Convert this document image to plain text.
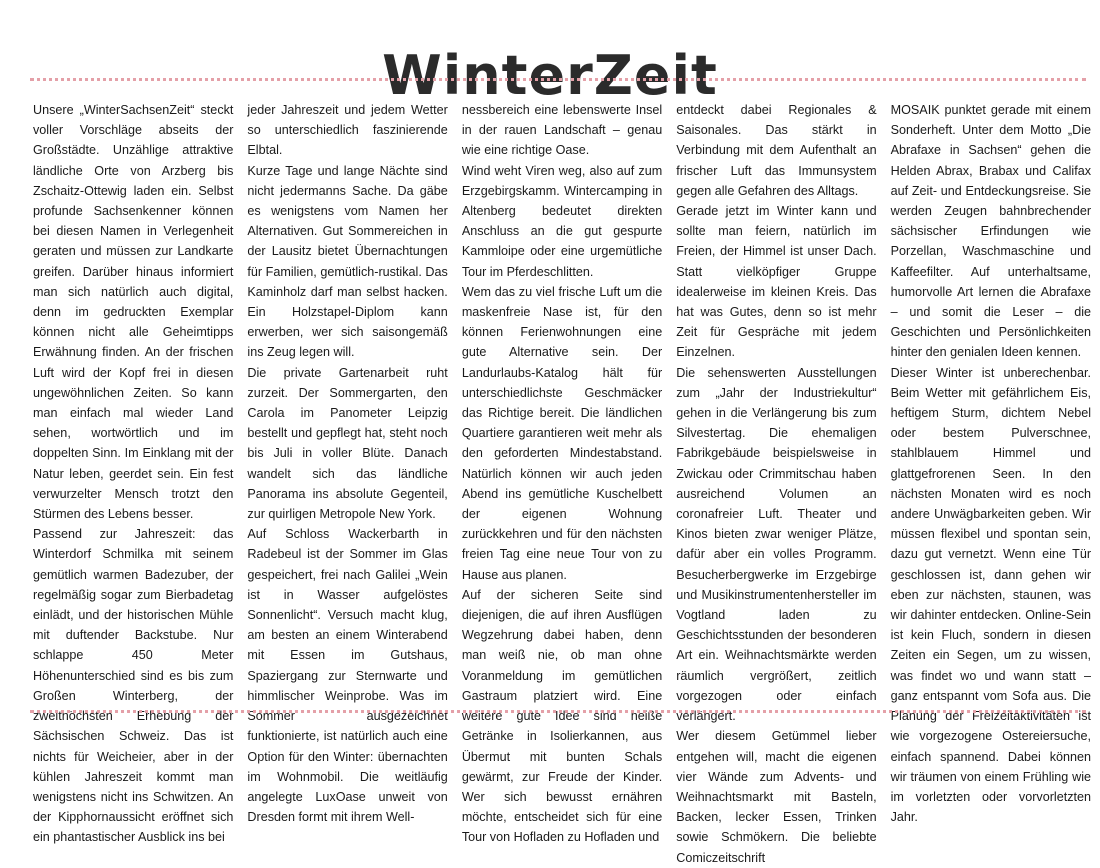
WinterZeit

Unsere „WinterSachsenZeit“ steckt voller Vorschläge abseits der Großstädte. Unzählige attraktive ländliche Orte von Arzberg bis Zschaitz-Ottewig laden ein. Selbst profunde Sachsenkenner können bei diesen Namen in Verlegenheit geraten und müssen zur Landkarte greifen. Darüber hinaus informiert man sich natürlich auch digital, denn im gedruckten Exemplar können nicht alle Geheimtipps Erwähnung finden. An der frischen Luft wird der Kopf frei in diesen ungewöhnlichen Zeiten. So kann man einfach mal wieder Land sehen, wortwörtlich und im doppelten Sinn. Im Einklang mit der Natur leben, geerdet sein. Ein fest verwurzelter Mensch trotzt den Stürmen des Lebens besser.

Passend zur Jahreszeit: das Winterdorf Schmilka mit seinem gemütlich warmen Badezuber, der regelmäßig sogar zum Bierbadetag einlädt, und der historischen Mühle mit duftender Backstube. Nur schlappe 450 Meter Höhenunterschied sind es bis zum Großen Winterberg, der zweithöchsten Erhebung der Sächsischen Schweiz. Das ist nichts für Weicheier, aber in der kühlen Jahreszeit kommt man wenigstens nicht ins Schwitzen. An der Kipphornaussicht eröffnet sich ein phantastischer Ausblick ins bei

jeder Jahreszeit und jedem Wetter so unterschiedlich faszinierende Elbtal.

Kurze Tage und lange Nächte sind nicht jedermanns Sache. Da gäbe es wenigstens vom Namen her Alternativen. Gut Sommereichen in der Lausitz bietet Übernachtungen für Familien, gemütlich-rustikal. Das Kaminholz darf man selbst hacken. Ein Holzstapel-Diplom kann erwerben, wer sich saisongemäß ins Zeug legen will.

Die private Gartenarbeit ruht zurzeit. Der Sommergarten, den Carola im Panometer Leipzig bestellt und gepflegt hat, steht noch bis Juli in voller Blüte. Danach wandelt sich das ländliche Panorama ins absolute Gegenteil, zur quirligen Metropole New York.

Auf Schloss Wackerbarth in Radebeul ist der Sommer im Glas gespeichert, frei nach Galilei „Wein ist in Wasser aufgelöstes Sonnenlicht“. Versuch macht klug, am besten an einem Winterabend mit Essen im Gutshaus, Spaziergang zur Sternwarte und himmlischer Weinprobe. Was im Sommer ausgezeichnet funktionierte, ist natürlich auch eine Option für den Winter: übernachten im Wohnmobil. Die weitläufig angelegte LuxOase unweit von Dresden formt mit ihrem Well-

nessbereich eine lebenswerte Insel in der rauen Landschaft – genau wie eine richtige Oase.

Wind weht Viren weg, also auf zum Erzgebirgskamm. Wintercamping in Altenberg bedeutet direkten Anschluss an die gut gespurte Kammloipe oder eine urgemütliche Tour im Pferdeschlitten.

Wem das zu viel frische Luft um die maskenfreie Nase ist, für den können Ferienwohnungen eine gute Alternative sein. Der Landurlaubs-Katalog hält für unterschiedlichste Geschmäcker das Richtige bereit. Die ländlichen Quartiere garantieren weit mehr als den geforderten Mindestabstand. Natürlich können wir auch jeden Abend ins gemütliche Kuschelbett der eigenen Wohnung zurückkehren und für den nächsten freien Tag eine neue Tour von zu Hause aus planen.

Auf der sicheren Seite sind diejenigen, die auf ihren Ausflügen Wegzehrung dabei haben, denn man weiß nie, ob man ohne Voranmeldung im gemütlichen Gastraum platziert wird. Eine weitere gute Idee sind heiße Getränke in Isolierkannen, aus Übermut mit bunten Schals gewärmt, zur Freude der Kinder. Wer sich bewusst ernähren möchte, entscheidet sich für eine Tour von Hofladen zu Hofladen und

entdeckt dabei Regionales & Saisonales. Das stärkt in Verbindung mit dem Aufenthalt an frischer Luft das Immunsystem gegen alle Gefahren des Alltags.

Gerade jetzt im Winter kann und sollte man feiern, natürlich im Freien, der Himmel ist unser Dach. Statt vielköpfiger Gruppe idealerweise im kleinen Kreis. Das hat was Gutes, denn so ist mehr Zeit für Gespräche mit jedem Einzelnen.

Die sehenswerten Ausstellungen zum „Jahr der Industriekultur“ gehen in die Verlängerung bis zum Silvestertag. Die ehemaligen Fabrikgebäude beispielsweise in Zwickau oder Crimmitschau haben ausreichend Volumen an coronafreier Luft. Theater und Kinos bieten zwar weniger Plätze, dafür aber ein volles Programm. Besucherbergwerke im Erzgebirge und Musikinstrumentenhersteller im Vogtland laden zu Geschichtsstunden der besonderen Art ein. Weihnachtsmärkte werden räumlich vergrößert, zeitlich vorgezogen oder einfach verlängert.

Wer diesem Getümmel lieber entgehen will, macht die eigenen vier Wände zum Advents- und Weihnachtsmarkt mit Basteln, Backen, lecker Essen, Trinken sowie Schmökern. Die beliebte Comiczeitschrift

MOSAIK punktet gerade mit einem Sonderheft. Unter dem Motto „Die Abrafaxe in Sachsen“ gehen die Helden Abrax, Brabax und Califax auf Zeit- und Entdeckungsreise. Sie werden Zeugen bahnbrechender sächsischer Erfindungen wie Porzellan, Waschmaschine und Kaffeefilter. Auf unterhaltsame, humorvolle Art lernen die Abrafaxe – und somit die Leser – die Geschichten und Persönlichkeiten hinter den genialen Ideen kennen.

Dieser Winter ist unberechenbar. Beim Wetter mit gefährlichem Eis, heftigem Sturm, dichtem Nebel oder bestem Pulverschnee, stahlblauem Himmel und glattgefrorenen Seen. In den nächsten Monaten wird es noch andere Unwägbarkeiten geben. Wir müssen flexibel und spontan sein, dazu gut vernetzt. Wenn eine Tür geschlossen ist, dann gehen wir eben zur nächsten, staunen, was wir dahinter entdecken. Online-Sein ist kein Fluch, sondern in diesen Zeiten ein Segen, um zu wissen, was findet wo und wann statt – ganz entspannt vom Sofa aus. Die Planung der Freizeitaktivitäten ist wie vorgezogene Ostereiersuche, einfach spannend. Dabei können wir träumen von einem Frühling wie im vorletzten oder vorvorletzten Jahr.
